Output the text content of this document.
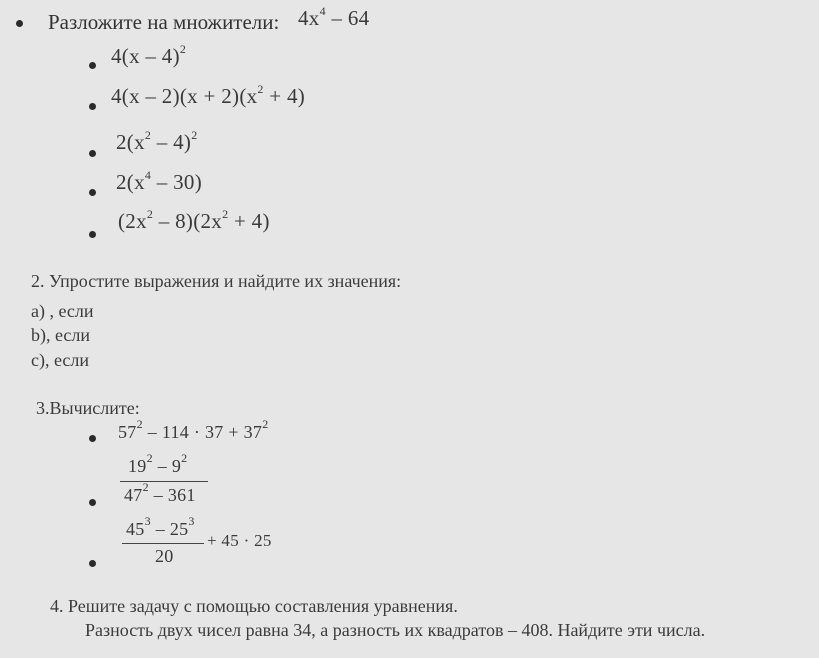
Разложите на множители: $4x^4 - 64$
4(x – 4)$^2$
$4(x - 2)(x + 2)(x^2 + 4)$
$2(x^2 - 4)^2$
$2(x^4 - 30)$
$(2x^2 - 8)(2x^2 + 4)$
2. Упростите выражения и найдите их значения:
a) , если
b), если
c), если
3.Вычислите:
$57^2 - 114 \cdot 37 + 37^2$
$19^2 - 9^2$
$47^2 - 361$
$45^3 - 25^3$
+ 45 · 25
20
4. Решите задачу с помощью составления уравнения.
Разность двух чисел равна 34, а разность их квадратов – 408. Найдите эти числа.
